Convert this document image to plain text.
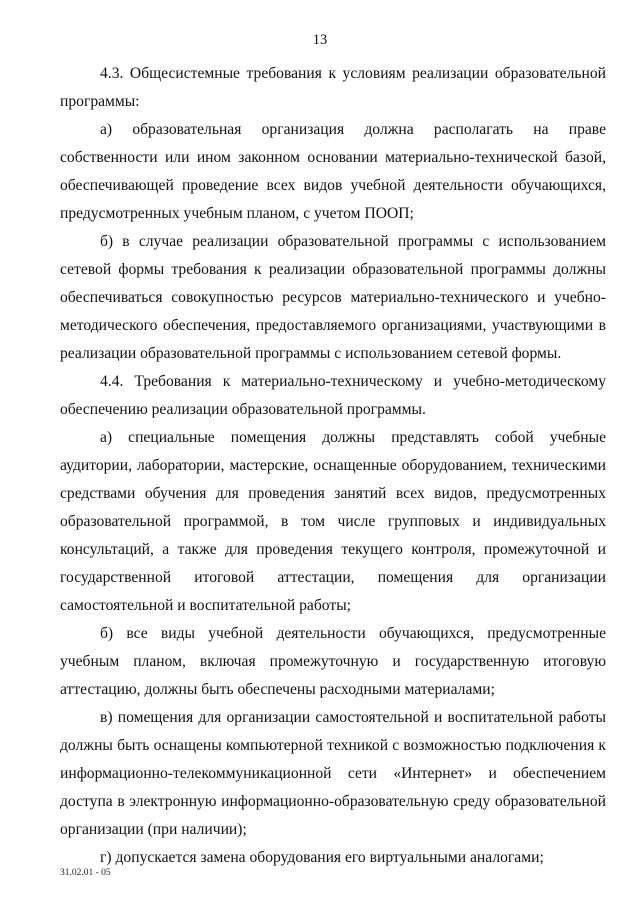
13

4.3. Общесистемные требования к условиям реализации образовательной программы:

а) образовательная организация должна располагать на праве собственности или ином законном основании материально-технической базой, обеспечивающей проведение всех видов учебной деятельности обучающихся, предусмотренных учебным планом, с учетом ПООП;

б) в случае реализации образовательной программы с использованием сетевой формы требования к реализации образовательной программы должны обеспечиваться совокупностью ресурсов материально-технического и учебно-методического обеспечения, предоставляемого организациями, участвующими в реализации образовательной программы с использованием сетевой формы.

4.4. Требования к материально-техническому и учебно-методическому обеспечению реализации образовательной программы.

а) специальные помещения должны представлять собой учебные аудитории, лаборатории, мастерские, оснащенные оборудованием, техническими средствами обучения для проведения занятий всех видов, предусмотренных образовательной программой, в том числе групповых и индивидуальных консультаций, а также для проведения текущего контроля, промежуточной и государственной итоговой аттестации, помещения для организации самостоятельной и воспитательной работы;

б) все виды учебной деятельности обучающихся, предусмотренные учебным планом, включая промежуточную и государственную итоговую аттестацию, должны быть обеспечены расходными материалами;

в) помещения для организации самостоятельной и воспитательной работы должны быть оснащены компьютерной техникой с возможностью подключения к информационно-телекоммуникационной сети «Интернет» и обеспечением доступа в электронную информационно-образовательную среду образовательной организации (при наличии);

г) допускается замена оборудования его виртуальными аналогами;

31.02.01 - 05
